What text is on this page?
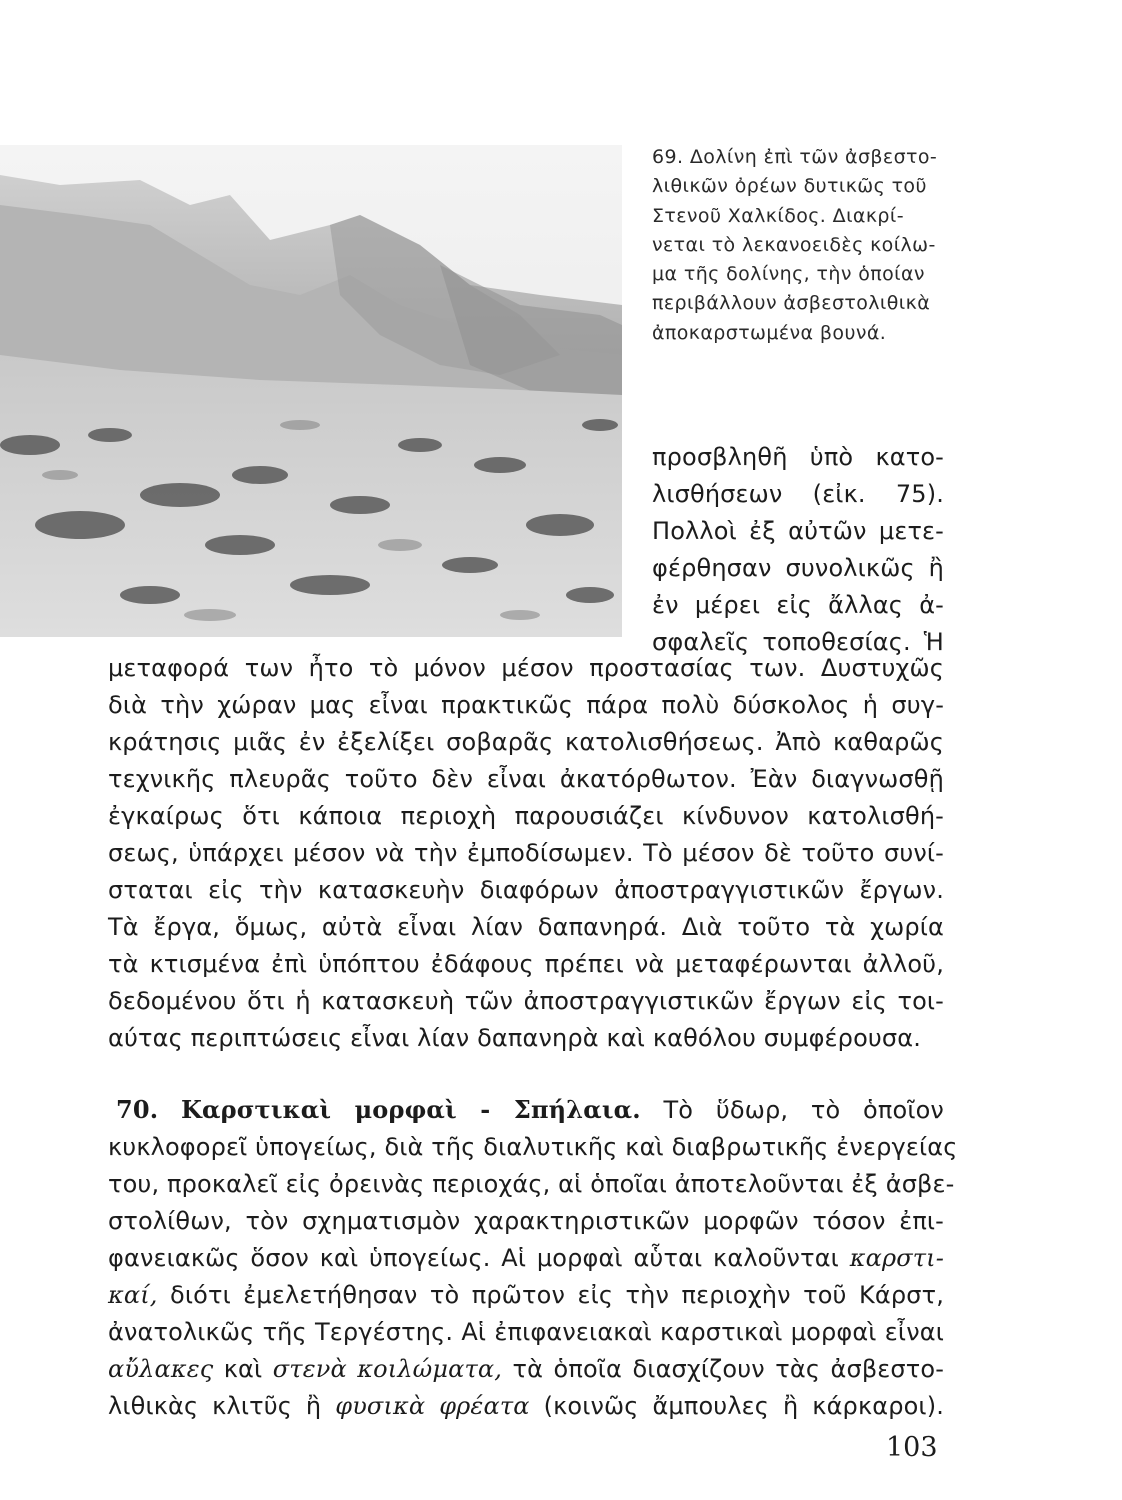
69. Δολίνη ἐπὶ τῶν ἀσβεστο-
λιθικῶν ὀρέων δυτικῶς τοῦ
Στενοῦ Χαλκίδος. Διακρί-
νεται τὸ λεκανοειδὲς κοίλω-
μα τῆς δολίνης, τὴν ὁποίαν
περιβάλλουν ἀσβεστολιθικὰ
ἀποκαρστωμένα βουνά.
προσβληθῆ ὑπὸ κατο-
λισθήσεων (εἰκ. 75).
Πολλοὶ ἐξ αὐτῶν μετε-
φέρθησαν συνολικῶς ἢ
ἐν μέρει εἰς ἄλλας ἀ-
σφαλεῖς τοποθεσίας. Ἡ
μεταφορά των ἦτο τὸ μόνον μέσον προστασίας των. Δυστυχῶς
διὰ τὴν χώραν μας εἶναι πρακτικῶς πάρα πολὺ δύσκολος ἡ συγ-
κράτησις μιᾶς ἐν ἐξελίξει σοβαρᾶς κατολισθήσεως. Ἀπὸ καθαρῶς
τεχνικῆς πλευρᾶς τοῦτο δὲν εἶναι ἀκατόρθωτον. Ἐὰν διαγνωσθῇ
ἐγκαίρως ὅτι κάποια περιοχὴ παρουσιάζει κίνδυνον κατολισθή-
σεως, ὑπάρχει μέσον νὰ τὴν ἐμποδίσωμεν. Τὸ μέσον δὲ τοῦτο συνί-
σταται εἰς τὴν κατασκευὴν διαφόρων ἀποστραγγιστικῶν ἔργων.
Τὰ ἔργα, ὅμως, αὐτὰ εἶναι λίαν δαπανηρά. Διὰ τοῦτο τὰ χωρία
τὰ κτισμένα ἐπὶ ὑπόπτου ἐδάφους πρέπει νὰ μεταφέρωνται ἀλλοῦ,
δεδομένου ὅτι ἡ κατασκευὴ τῶν ἀποστραγγιστικῶν ἔργων εἰς τοι-
αύτας περιπτώσεις εἶναι λίαν δαπανηρὰ καὶ καθόλου συμφέρουσα.
70. Καρστικαὶ μορφαὶ - Σπήλαια. Τὸ ὕδωρ, τὸ ὁποῖον
κυκλοφορεῖ ὑπογείως, διὰ τῆς διαλυτικῆς καὶ διαβρωτικῆς ἐνεργείας
του, προκαλεῖ εἰς ὀρεινὰς περιοχάς, αἱ ὁποῖαι ἀποτελοῦνται ἐξ ἀσβε-
στολίθων, τὸν σχηματισμὸν χαρακτηριστικῶν μορφῶν τόσον ἐπι-
φανειακῶς ὅσον καὶ ὑπογείως. Αἱ μορφαὶ αὗται καλοῦνται καρστι-
καί, διότι ἐμελετήθησαν τὸ πρῶτον εἰς τὴν περιοχὴν τοῦ Κάρστ,
ἀνατολικῶς τῆς Τεργέστης. Αἱ ἐπιφανειακαὶ καρστικαὶ μορφαὶ εἶναι
αὔλακες καὶ στενὰ κοιλώματα, τὰ ὁποῖα διασχίζουν τὰς ἀσβεστο-
λιθικὰς κλιτῦς ἢ φυσικὰ φρέατα (κοινῶς ἄμπουλες ἢ κάρκαροι).
103
